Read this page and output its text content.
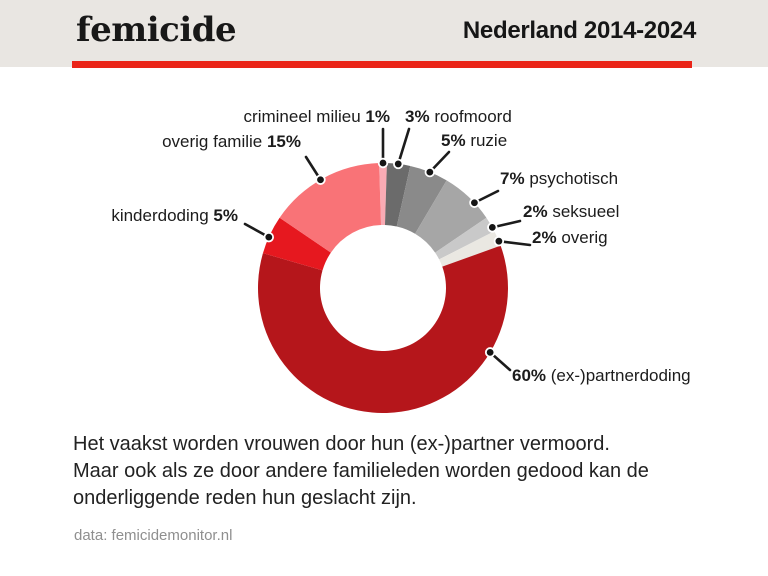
femicide	Nederland 2014-2024
crimineel milieu 1% 3% roofmoord
5% ruzie
7% psychotisch
2% seksueel
2% overig
60% (ex-)partnerdoding
kinderdoding 5%
overig familie 15%
Het vaakst worden vrouwen door hun (ex-)partner vermoord.
Maar ook als ze door andere familieleden worden gedood kan de
onderliggende reden hun geslacht zijn.
data: femicidemonitor.nl
